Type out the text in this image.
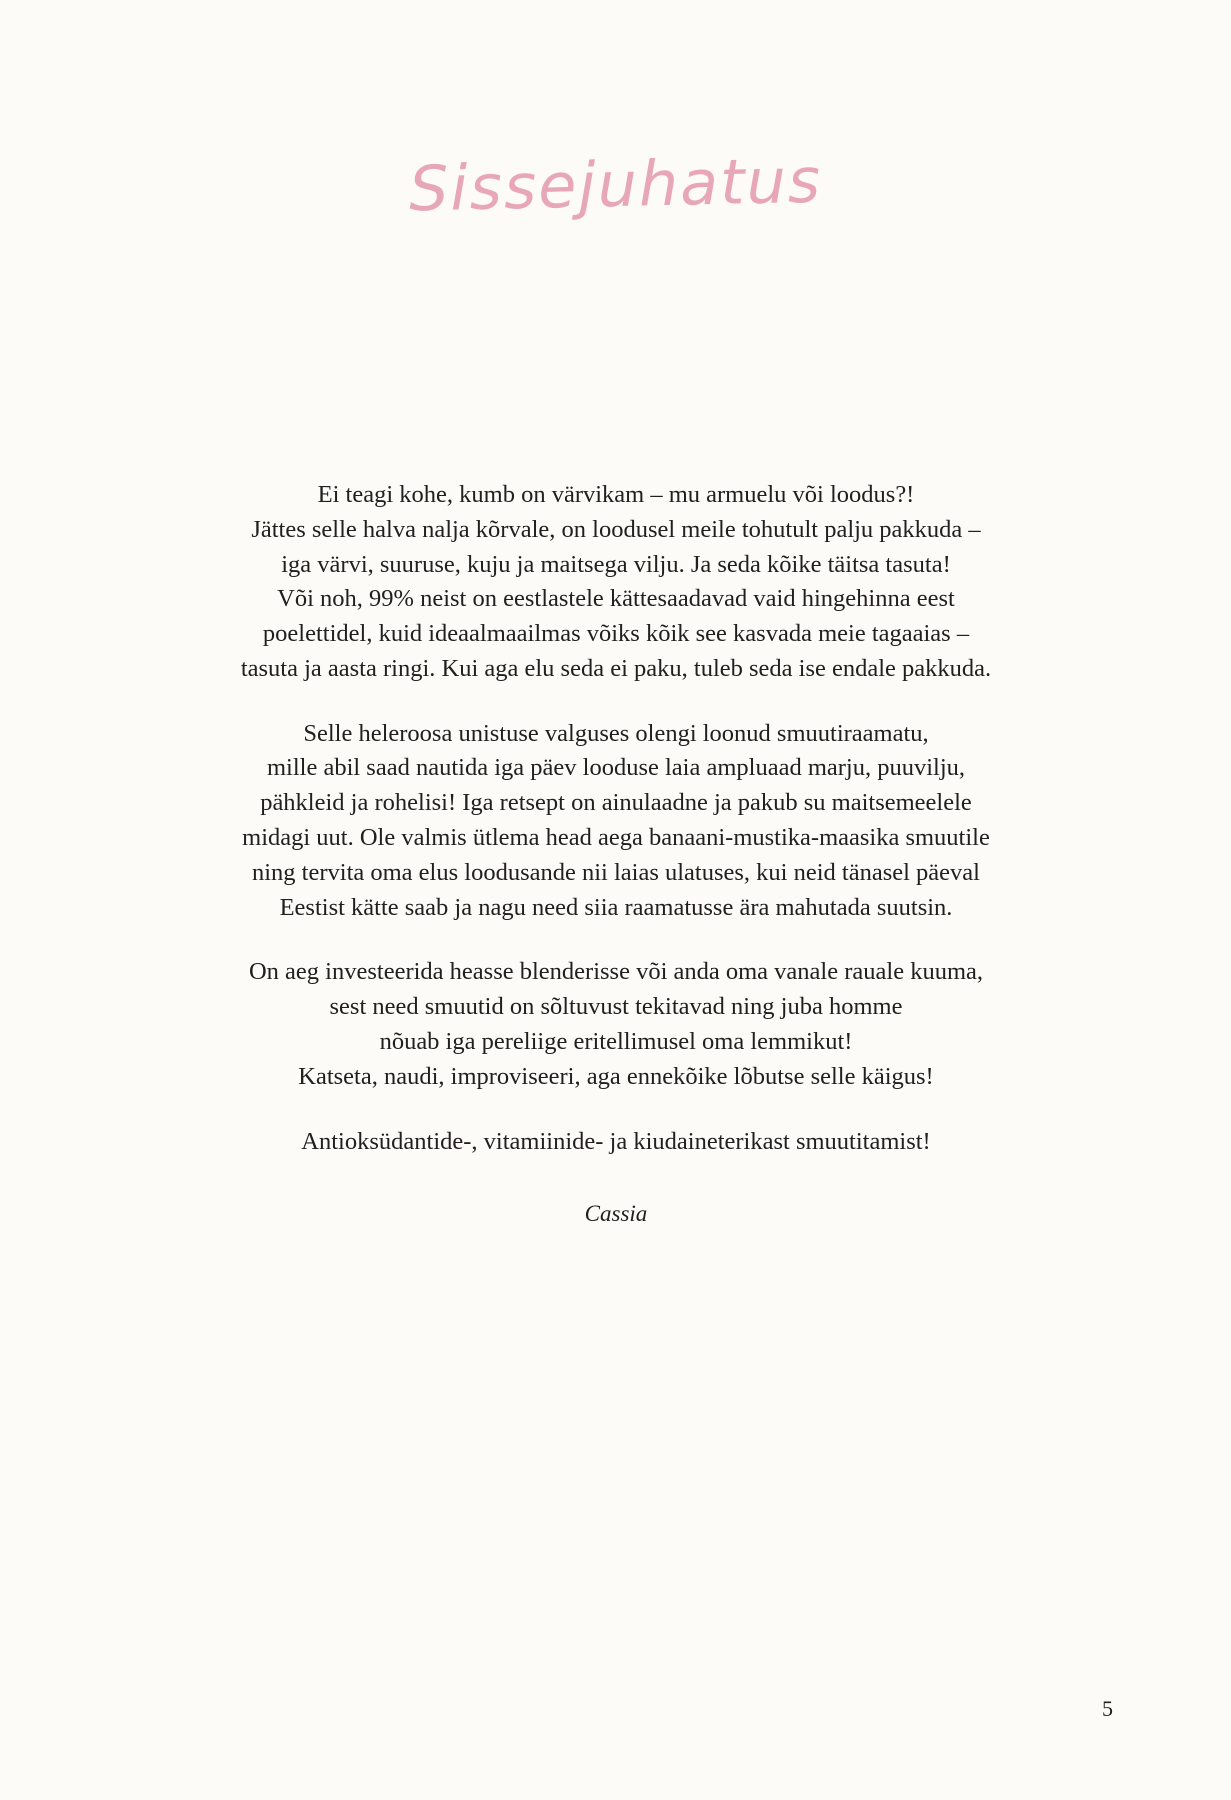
Sissejuhatus

Ei teagi kohe, kumb on värvikam – mu armuelu või loodus?!
Jättes selle halva nalja kõrvale, on loodusel meile tohutult palju pakkuda –
iga värvi, suuruse, kuju ja maitsega vilju. Ja seda kõike täitsa tasuta!
Või noh, 99% neist on eestlastele kättesaadavad vaid hingehinna eest
poelettidel, kuid ideaalmaailmas võiks kõik see kasvada meie tagaaias –
tasuta ja aasta ringi. Kui aga elu seda ei paku, tuleb seda ise endale pakkuda.

Selle heleroosa unistuse valguses olengi loonud smuutiraamatu,
mille abil saad nautida iga päev looduse laia ampluaad marju, puuvilju,
pähkleid ja rohelisi! Iga retsept on ainulaadne ja pakub su maitsemeelele
midagi uut. Ole valmis ütlema head aega banaani-mustika-maasika smuutile
ning tervita oma elus loodusande nii laias ulatuses, kui neid tänasel päeval
Eestist kätte saab ja nagu need siia raamatusse ära mahutada suutsin.

On aeg investeerida heasse blenderisse või anda oma vanale rauale kuuma,
sest need smuutid on sõltuvust tekitavad ning juba homme
nõuab iga pereliige eritellimusel oma lemmikut!
Katseta, naudi, improviseeri, aga ennekõike lõbutse selle käigus!

Antioksüdantide-, vitamiinide- ja kiudaineterikast smuutitamist!

Cassia
5
